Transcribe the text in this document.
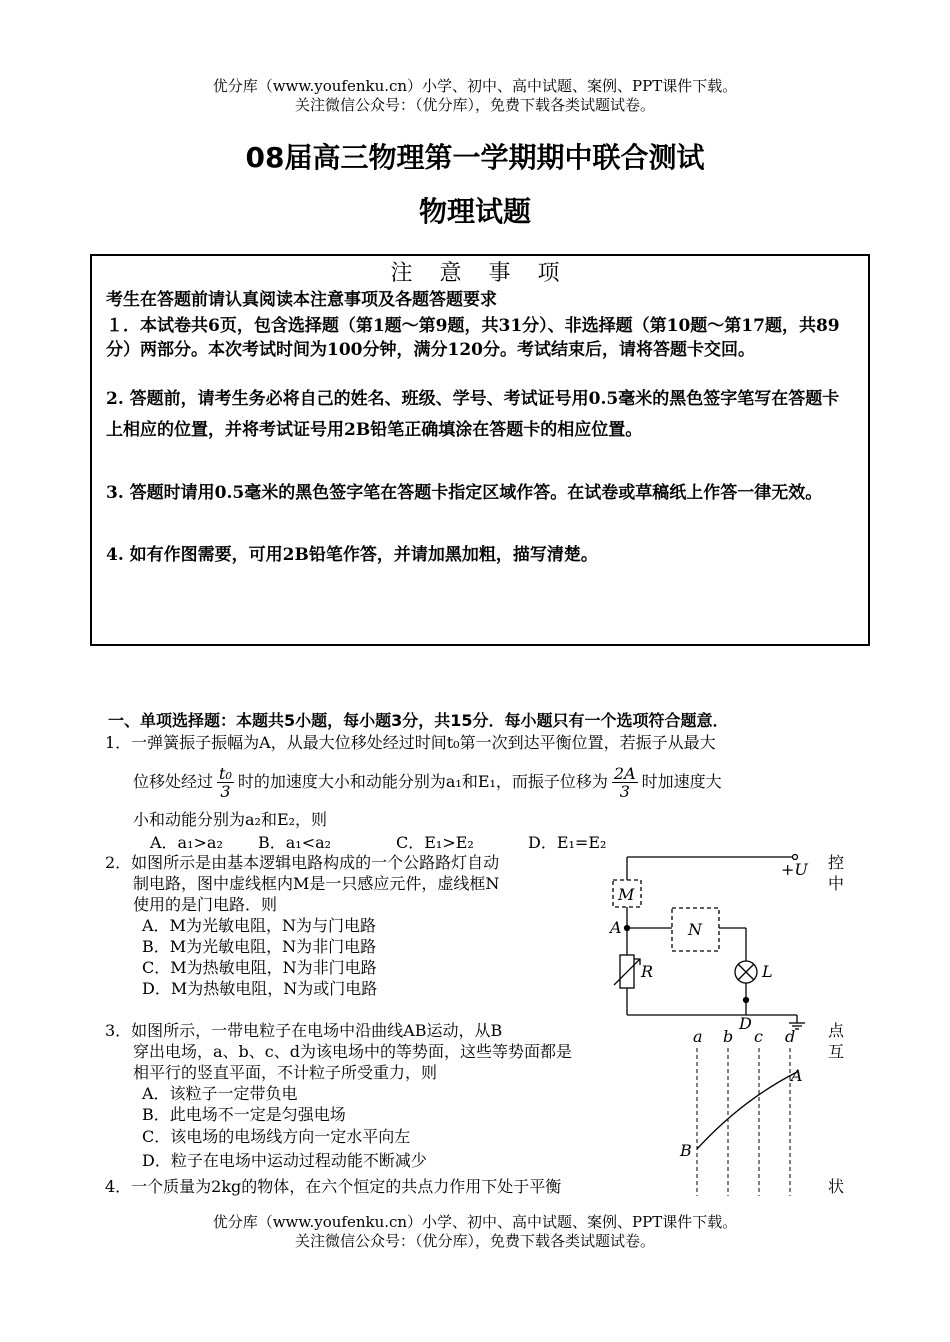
优分库（www.youfenku.cn）小学、初中、高中试题、案例、PPT课件下载。
关注微信公众号：（优分库），免费下载各类试题试卷。
08届高三物理第一学期期中联合测试
物理试题
注 意 事 项
考生在答题前请认真阅读本注意事项及各题答题要求
１．本试卷共6页，包含选择题（第1题～第9题，共31分）、非选择题（第10题～第17题，共89分）两部分。本次考试时间为100分钟，满分120分。考试结束后，请将答题卡交回。
2. 答题前，请考生务必将自己的姓名、班级、学号、考试证号用0.5毫米的黑色签字笔写在答题卡上相应的位置，并将考试证号用2B铅笔正确填涂在答题卡的相应位置。
3. 答题时请用0.5毫米的黑色签字笔在答题卡指定区域作答。在试卷或草稿纸上作答一律无效。
4. 如有作图需要，可用2B铅笔作答，并请加黑加粗，描写清楚。
一、单项选择题：本题共5小题，每小题3分，共15分．每小题只有一个选项符合题意．
1．一弹簧振子振幅为A，从最大位移处经过时间t₀第一次到达平衡位置，若振子从最大
位移处经过 $\frac{\text{t₀}}{3}$ 时的加速度大小和动能分别为a₁和E₁，而振子位移为 $\frac{2A}{3}$ 时加速度大
小和动能分别为a₂和E₂，则
A．a₁>a₂ B．a₁<a₂	C．E₁>E₂	D．E₁=E₂
2．如图所示是由基本逻辑电路构成的一个公路路灯自动	控
制电路，图中虚线框内M是一只感应元件，虚线框N	中
使用的是门电路．则
A．M为光敏电阻，N为与门电路
B．M为光敏电阻，N为非门电路
C．M为热敏电阻，N为非门电路
D．M为热敏电阻，N为或门电路
+U
M
N
A
R	L
D
3．如图所示，一带电粒子在电场中沿曲线AB运动，从B	点
穿出电场，a、b、c、d为该电场中的等势面，这些等势面都是	互
相平行的竖直平面，不计粒子所受重力，则
A．该粒子一定带负电
B．此电场不一定是匀强电场
C．该电场的电场线方向一定水平向左
D．粒子在电场中运动过程动能不断减少
a b c d
A
B
4．一个质量为2kg的物体，在六个恒定的共点力作用下处于平衡	状
优分库（www.youfenku.cn）小学、初中、高中试题、案例、PPT课件下载。
关注微信公众号：（优分库），免费下载各类试题试卷。
